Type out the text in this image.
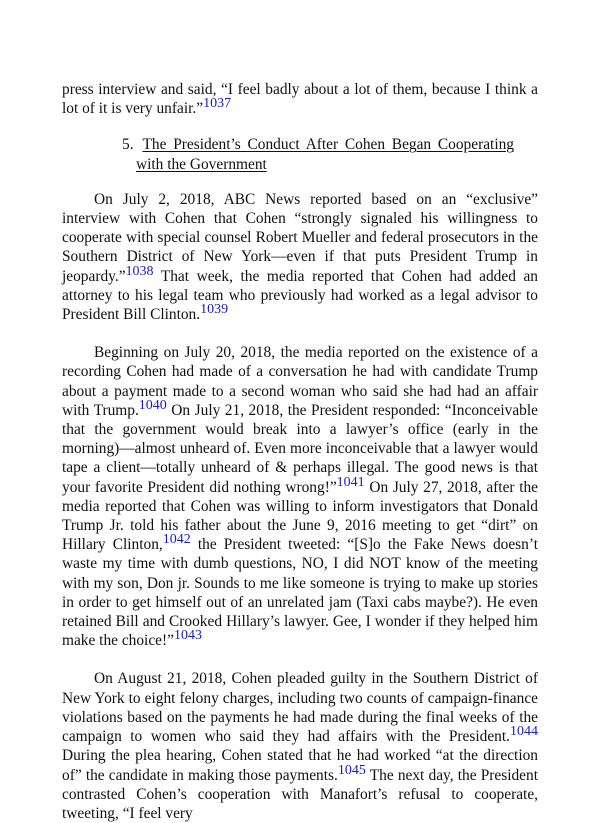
press interview and said, “I feel badly about a lot of them, because I think a lot of it is very unfair.”1037

5. The President’s Conduct After Cohen Began Cooperating with the Government

On July 2, 2018, ABC News reported based on an “exclusive” interview with Cohen that Cohen “strongly signaled his willingness to cooperate with special counsel Robert Mueller and federal prosecutors in the Southern District of New York—even if that puts President Trump in jeopardy.”1038 That week, the media reported that Cohen had added an attorney to his legal team who previously had worked as a legal advisor to President Bill Clinton.1039

Beginning on July 20, 2018, the media reported on the existence of a recording Cohen had made of a conversation he had with candidate Trump about a payment made to a second woman who said she had had an affair with Trump.1040 On July 21, 2018, the President responded: “Inconceivable that the government would break into a lawyer’s office (early in the morning)—almost unheard of. Even more inconceivable that a lawyer would tape a client—totally unheard of & perhaps illegal. The good news is that your favorite President did nothing wrong!”1041 On July 27, 2018, after the media reported that Cohen was willing to inform investigators that Donald Trump Jr. told his father about the June 9, 2016 meeting to get “dirt” on Hillary Clinton,1042 the President tweeted: “[S]o the Fake News doesn’t waste my time with dumb questions, NO, I did NOT know of the meeting with my son, Don jr. Sounds to me like someone is trying to make up stories in order to get himself out of an unrelated jam (Taxi cabs maybe?). He even retained Bill and Crooked Hillary’s lawyer. Gee, I wonder if they helped him make the choice!”1043

On August 21, 2018, Cohen pleaded guilty in the Southern District of New York to eight felony charges, including two counts of campaign-finance violations based on the payments he had made during the final weeks of the campaign to women who said they had affairs with the President.1044 During the plea hearing, Cohen stated that he had worked “at the direction of” the candidate in making those payments.1045 The next day, the President contrasted Cohen’s cooperation with Manafort’s refusal to cooperate, tweeting, “I feel very
